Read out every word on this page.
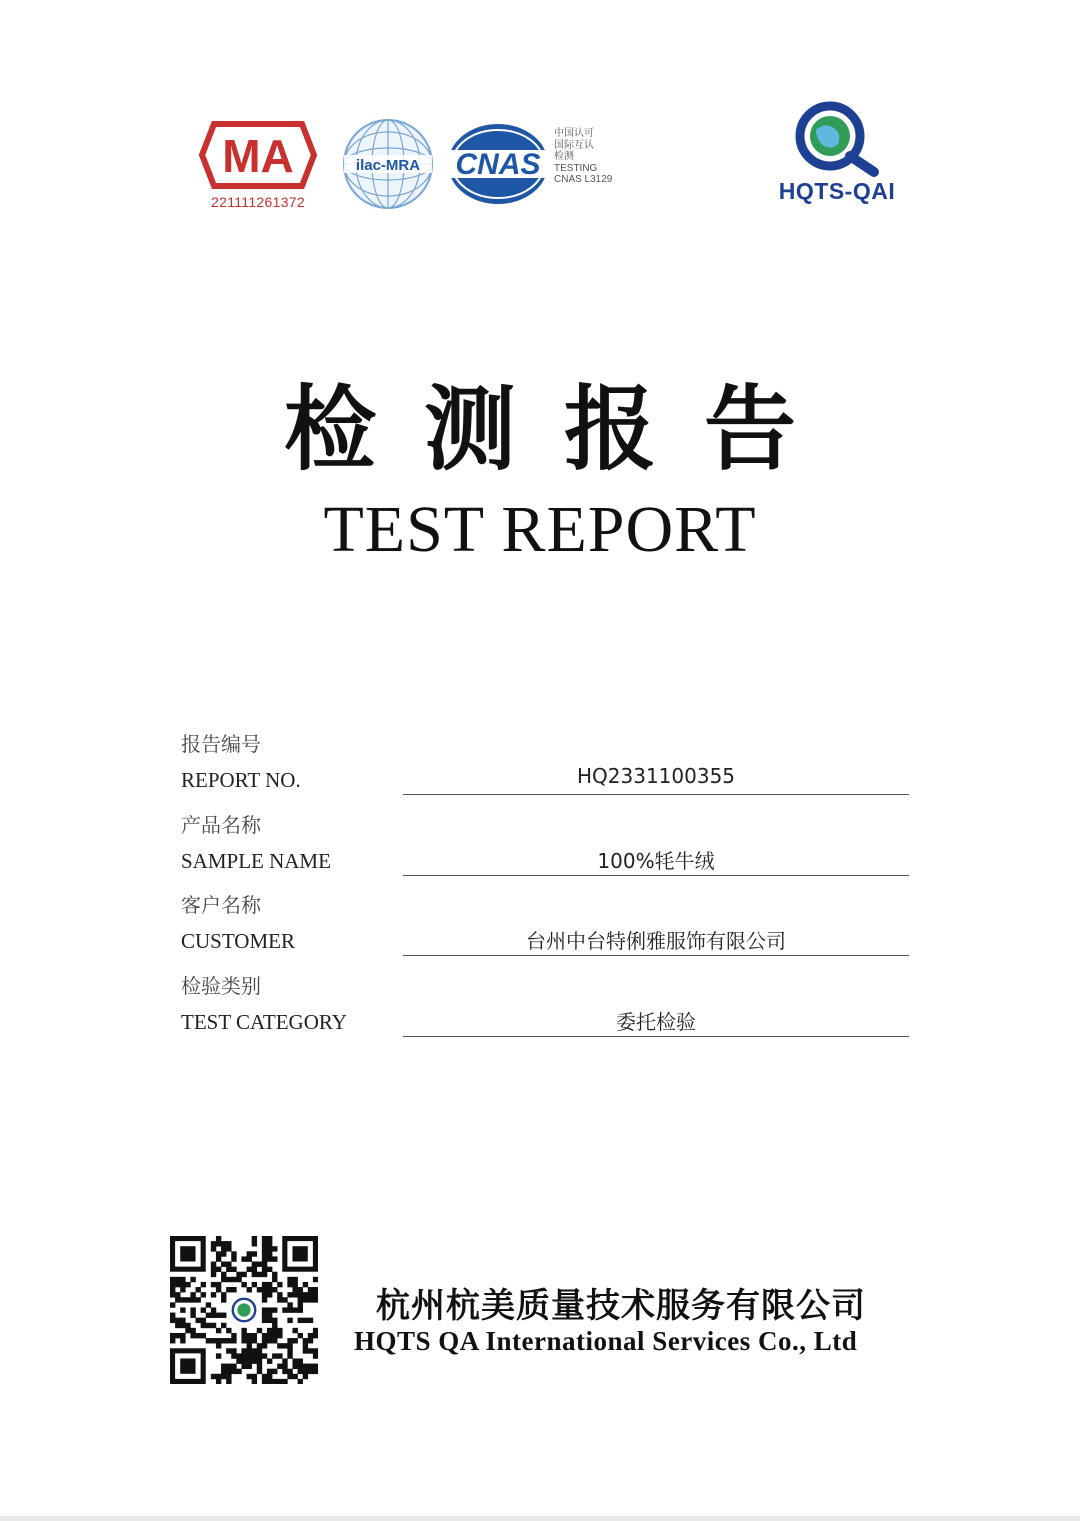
MA
221111261372
ilac-MRA CNAS
中国认可
国际互认
检测
TESTING
CNAS L3129	HQTS-QAI
检测报告
TEST REPORT
报告编号
REPORT NO.	HQ2331100355
产品名称
SAMPLE NAME	100%牦牛绒
客户名称
CUSTOMER	台州中台特俐雅服饰有限公司
检验类别
TEST CATEGORY	委托检验
杭州杭美质量技术服务有限公司
HQTS QA International Services Co., Ltd
